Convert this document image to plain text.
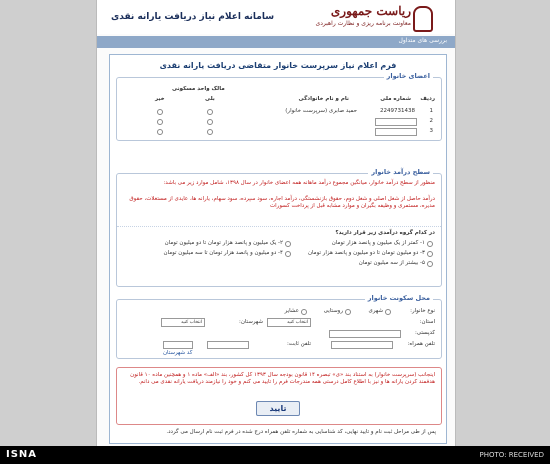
ریاست جمهوری
معاونت برنامه ریزی و نظارت راهبردی
سامانه اعلام نیاز دریافت یارانه نقدی
بررسی های متداول
فرم اعلام نیاز سرپرست خانوار متقاضی دریافت یارانه نقدی
اعضای خانوار
مالک واحد مسکونی
ردیف
شماره ملی
نام و نام خانوادگی
بلی
خیر
1
2249731438
حمید صابری (سرپرست خانوار)
2
3
سطح درآمد خانوار
منظور از سطح درآمد خانوار، میانگین مجموع درآمد ماهانه همه اعضای خانوار در سال ۱۳۹۸، شامل موارد زیر می باشد:
درآمد حاصل از شغل اصلی و شغل دوم، حقوق بازنشستگی، درآمد اجاره، سود سپرده، سود سهام، یارانه ها، عایدی از مستغلات، حقوق مدیره، مستمری و وظیفه بگیران و موارد مشابه قبل از پرداخت کسورات
در کدام گروه درآمدی زیر قرار دارید؟
۱- کمتر از یک میلیون و پانصد هزار تومان
۲- یک میلیون و پانصد هزار تومان تا دو میلیون تومان
۳- دو میلیون تومان تا دو میلیون و پانصد هزار تومان
۴- دو میلیون و پانصد هزار تومان تا سه میلیون تومان
۵- بیشتر از سه میلیون تومان
محل سکونت خانوار
نوع خانوار:
شهری
روستایی
عشایر
استان:
انتخاب کنید
شهرستان:
انتخاب کنید
کدپستی:
تلفن همراه:
تلفن ثابت:
کد شهرستان
اینجانب (سرپرست خانوار) به استناد بند «ی» تبصره ۱۴ قانون بودجه سال ۱۳۹۳ کل کشور، بند «الف» ماده ۱ و همچنین ماده ۱۰ قانون هدفمند کردن یارانه ها و نیز با اطلاع کامل درستی همه مندرجات فرم را تایید می کنم و خود را نیازمند دریافت یارانه نقدی می دانم.
تایید
پس از طی مراحل ثبت نام و تایید نهایی، کد شناسایی به شماره تلفن همراه درج شده در فرم ثبت نام ارسال می گردد.
ISNA	PHOTO: RECEIVED
